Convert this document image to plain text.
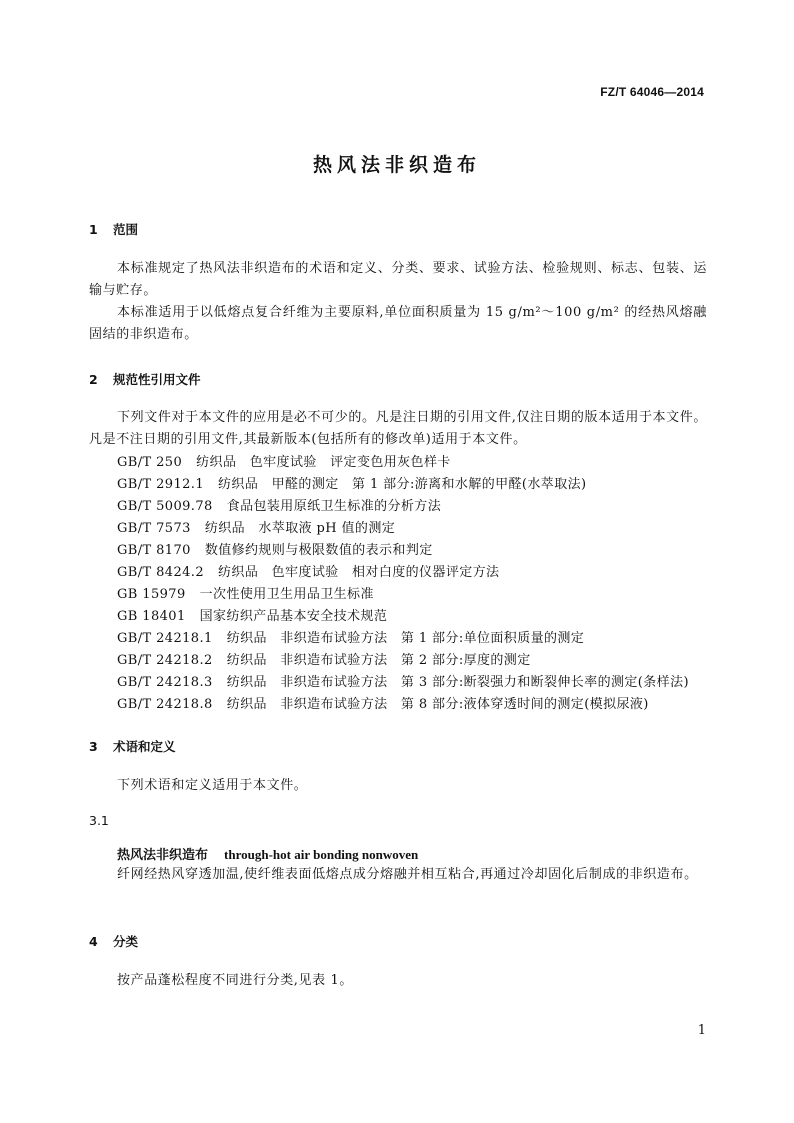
FZ/T 64046—2014
热风法非织造布
1 范围
本标准规定了热风法非织造布的术语和定义、分类、要求、试验方法、检验规则、标志、包装、运输与贮存。
本标准适用于以低熔点复合纤维为主要原料,单位面积质量为 15 g/m²～100 g/m² 的经热风熔融固结的非织造布。
2 规范性引用文件
下列文件对于本文件的应用是必不可少的。凡是注日期的引用文件,仅注日期的版本适用于本文件。凡是不注日期的引用文件,其最新版本(包括所有的修改单)适用于本文件。
GB/T 250 纺织品　色牢度试验　评定变色用灰色样卡
GB/T 2912.1 纺织品　甲醛的测定　第 1 部分:游离和水解的甲醛(水萃取法)
GB/T 5009.78 食品包装用原纸卫生标准的分析方法
GB/T 7573 纺织品　水萃取液 pH 值的测定
GB/T 8170 数值修约规则与极限数值的表示和判定
GB/T 8424.2 纺织品　色牢度试验　相对白度的仪器评定方法
GB 15979 一次性使用卫生用品卫生标准
GB 18401 国家纺织产品基本安全技术规范
GB/T 24218.1 纺织品　非织造布试验方法　第 1 部分:单位面积质量的测定
GB/T 24218.2 纺织品　非织造布试验方法　第 2 部分:厚度的测定
GB/T 24218.3 纺织品　非织造布试验方法　第 3 部分:断裂强力和断裂伸长率的测定(条样法)
GB/T 24218.8 纺织品　非织造布试验方法　第 8 部分:液体穿透时间的测定(模拟尿液)
3 术语和定义
下列术语和定义适用于本文件。
3.1
热风法非织造布 through-hot air bonding nonwoven
纤网经热风穿透加温,使纤维表面低熔点成分熔融并相互粘合,再通过冷却固化后制成的非织造布。
4 分类
按产品蓬松程度不同进行分类,见表 1。
1
